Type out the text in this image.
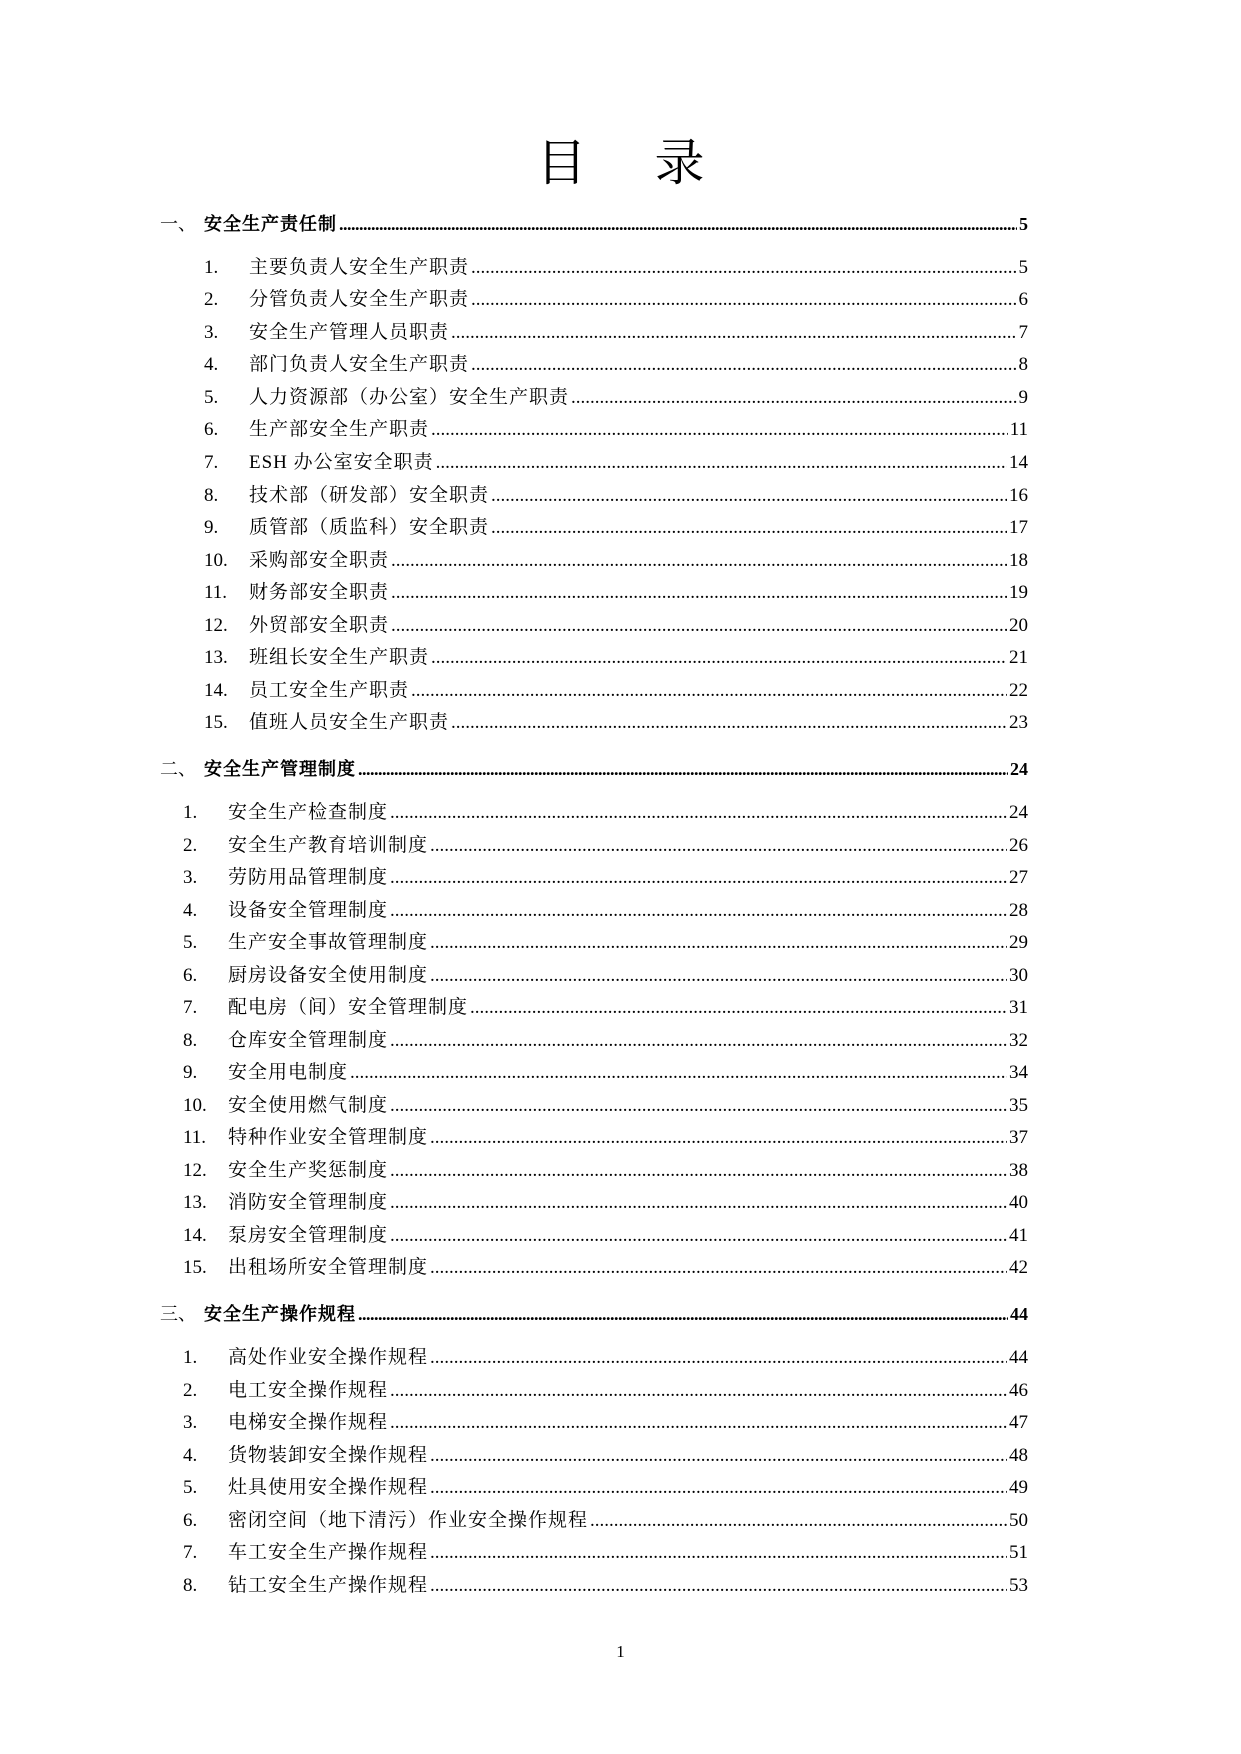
目 录
一、 安全生产责任制 .....	5
1.	主要负责人安全生产职责 .....	5
2.	分管负责人安全生产职责 .....	6
3.	安全生产管理人员职责 .....	7
4.	部门负责人安全生产职责 .....	8
5.	人力资源部（办公室）安全生产职责 .....	9
6.	生产部安全生产职责 .....	11
7.	ESH 办公室安全职责 .....	14
8.	技术部（研发部）安全职责 .....	16
9.	质管部（质监科）安全职责 .....	17
10.	采购部安全职责 .....	18
11.	财务部安全职责 .....	19
12.	外贸部安全职责 .....	20
13.	班组长安全生产职责 .....	21
14.	员工安全生产职责 .....	22
15.	值班人员安全生产职责 .....	23
二、 安全生产管理制度 .....	24
1.	安全生产检查制度 .....	24
2.	安全生产教育培训制度 .....	26
3.	劳防用品管理制度 .....	27
4.	设备安全管理制度 .....	28
5.	生产安全事故管理制度 .....	29
6.	厨房设备安全使用制度 .....	30
7.	配电房（间）安全管理制度 .....	31
8.	仓库安全管理制度 .....	32
9.	安全用电制度 .....	34
10.	安全使用燃气制度 .....	35
11.	特种作业安全管理制度 .....	37
12.	安全生产奖惩制度 .....	38
13.	消防安全管理制度 .....	40
14.	泵房安全管理制度 .....	41
15.	出租场所安全管理制度 .....	42
三、 安全生产操作规程 .....	44
1.	高处作业安全操作规程 .....	44
2.	电工安全操作规程 .....	46
3.	电梯安全操作规程 .....	47
4.	货物装卸安全操作规程 .....	48
5.	灶具使用安全操作规程 .....	49
6.	密闭空间（地下清污）作业安全操作规程 .....	50
7.	车工安全生产操作规程 .....	51
8.	钻工安全生产操作规程 .....	53
1
